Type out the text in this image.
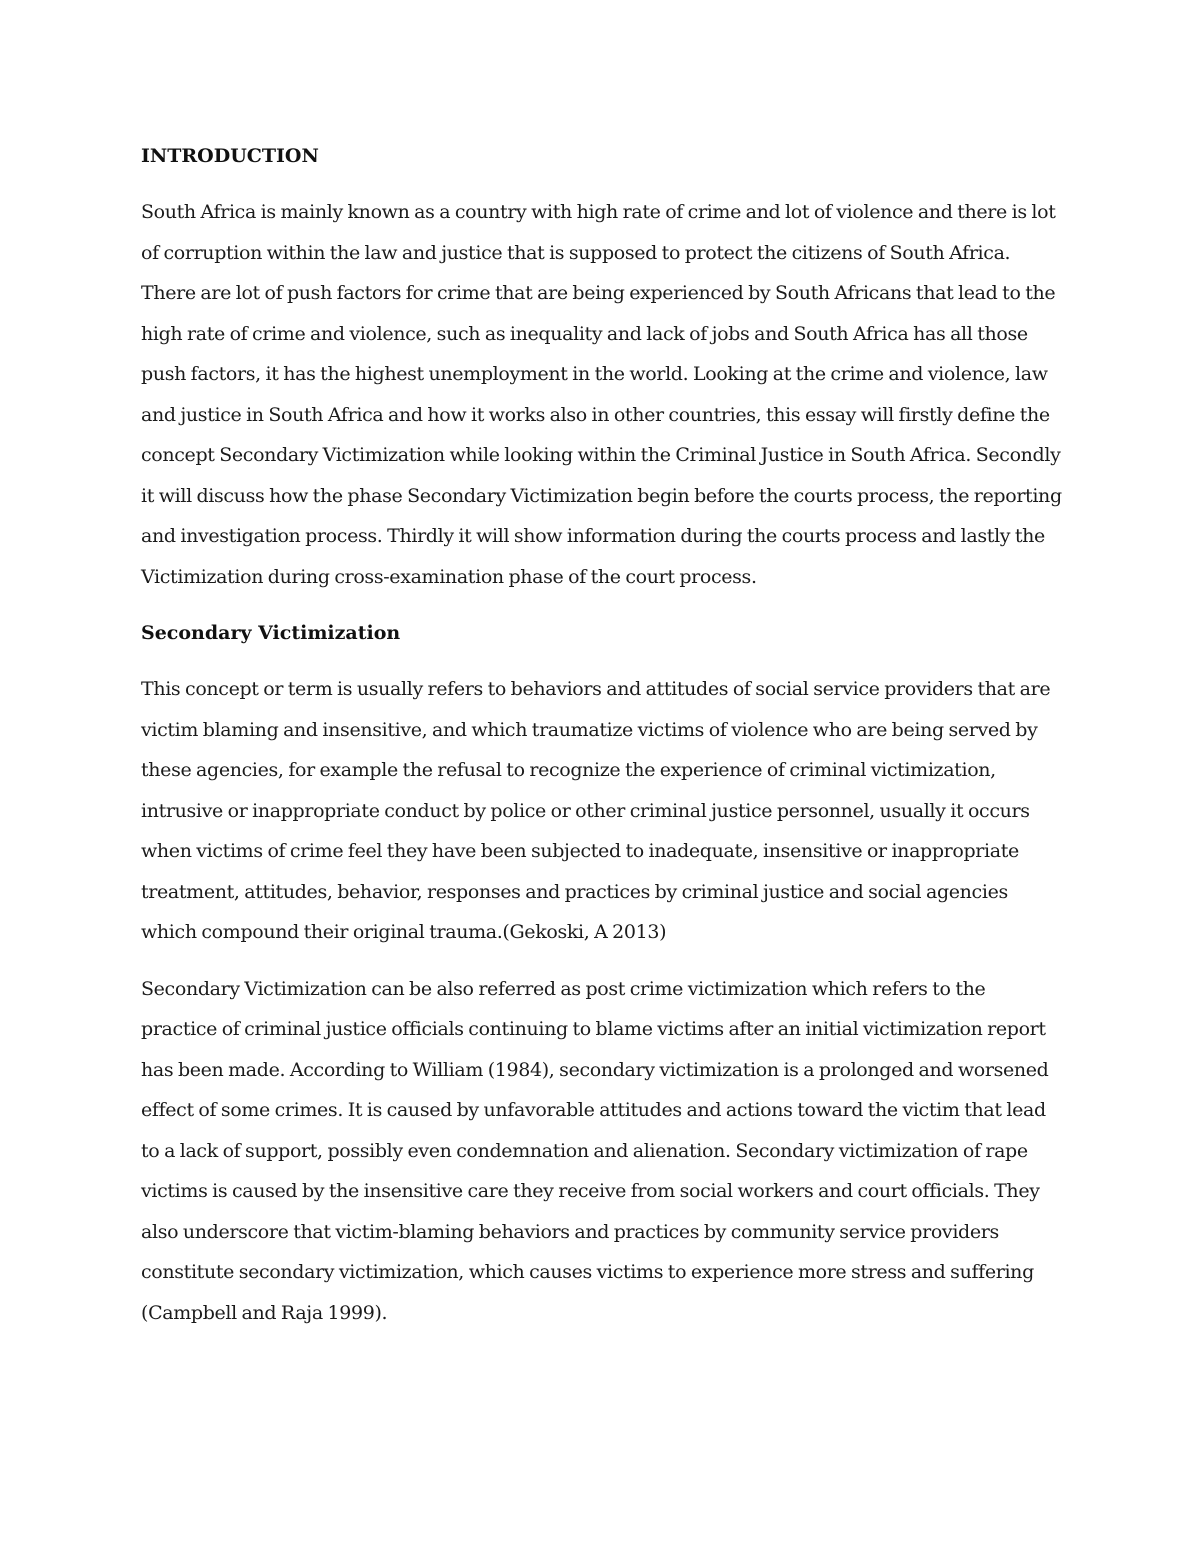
INTRODUCTION

South Africa is mainly known as a country with high rate of crime and lot of violence and there is lot of corruption within the law and justice that is supposed to protect the citizens of South Africa. There are lot of push factors for crime that are being experienced by South Africans that lead to the high rate of crime and violence, such as inequality and lack of jobs and South Africa has all those push factors, it has the highest unemployment in the world. Looking at the crime and violence, law and justice in South Africa and how it works also in other countries, this essay will firstly define the concept Secondary Victimization while looking within the Criminal Justice in South Africa. Secondly it will discuss how the phase Secondary Victimization begin before the courts process, the reporting and investigation process. Thirdly it will show information during the courts process and lastly the Victimization during cross-examination phase of the court process.

Secondary Victimization

This concept or term is usually refers to behaviors and attitudes of social service providers that are victim blaming and insensitive, and which traumatize victims of violence who are being served by these agencies, for example the refusal to recognize the experience of criminal victimization, intrusive or inappropriate conduct by police or other criminal justice personnel, usually it occurs when victims of crime feel they have been subjected to inadequate, insensitive or inappropriate treatment, attitudes, behavior, responses and practices by criminal justice and social agencies which compound their original trauma.(Gekoski, A 2013)

Secondary Victimization can be also referred as post crime victimization which refers to the practice of criminal justice officials continuing to blame victims after an initial victimization report has been made. According to William (1984), secondary victimization is a prolonged and worsened effect of some crimes. It is caused by unfavorable attitudes and actions toward the victim that lead to a lack of support, possibly even condemnation and alienation. Secondary victimization of rape victims is caused by the insensitive care they receive from social workers and court officials. They also underscore that victim-blaming behaviors and practices by community service providers constitute secondary victimization, which causes victims to experience more stress and suffering (Campbell and Raja 1999).
